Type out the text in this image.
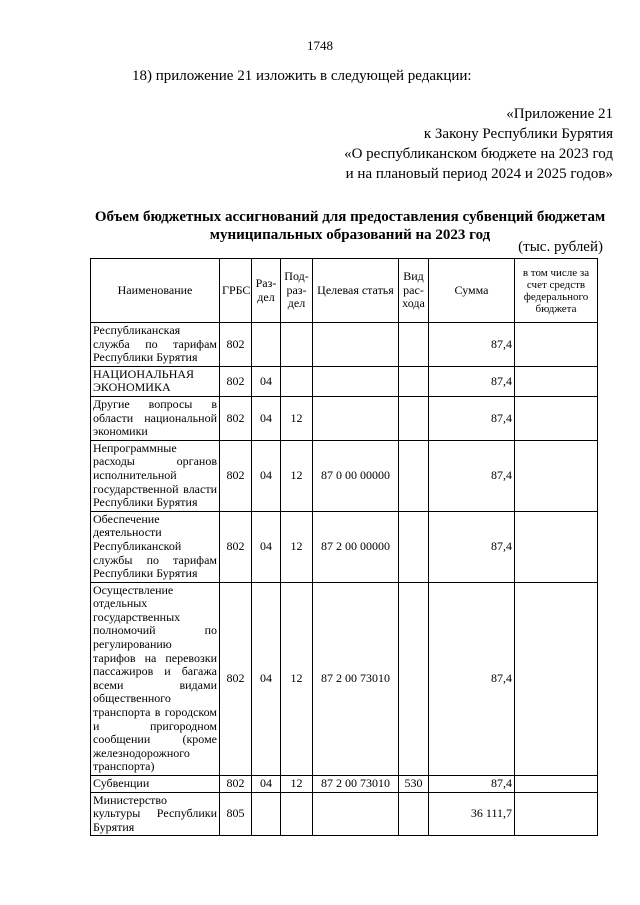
1748
18) приложение 21 изложить в следующей редакции:
«Приложение 21
к Закону Республики Бурятия
«О республиканском бюджете на 2023 год
и на плановый период 2024 и 2025 годов»
Объем бюджетных ассигнований для предоставления субвенций бюджетам
муниципальных образований на 2023 год
(тыс. рублей)
Наименование	ГРБС	Раз-дел	Под-раз-дел	Целевая статья	Вид рас-хода	Сумма	в том числе за счет средств федерального бюджета
Республиканская служба по тарифам Республики Бурятия	802					87,4	
НАЦИОНАЛЬНАЯ ЭКОНОМИКА	802	04				87,4	
Другие вопросы в области национальной экономики	802	04	12			87,4	
Непрограммные расходы органов исполнительной государственной власти Республики Бурятия	802	04	12	87 0 00 00000		87,4	
Обеспечение деятельности Республиканской службы по тарифам Республики Бурятия	802	04	12	87 2 00 00000		87,4	
Осуществление отдельных государственных полномочий по регулированию тарифов на перевозки пассажиров и багажа всеми видами общественного транспорта в городском и пригородном сообщении (кроме железнодорожного транспорта)	802	04	12	87 2 00 73010		87,4	
Субвенции	802	04	12	87 2 00 73010	530	87,4	
Министерство культуры Республики Бурятия	805					36 111,7	
